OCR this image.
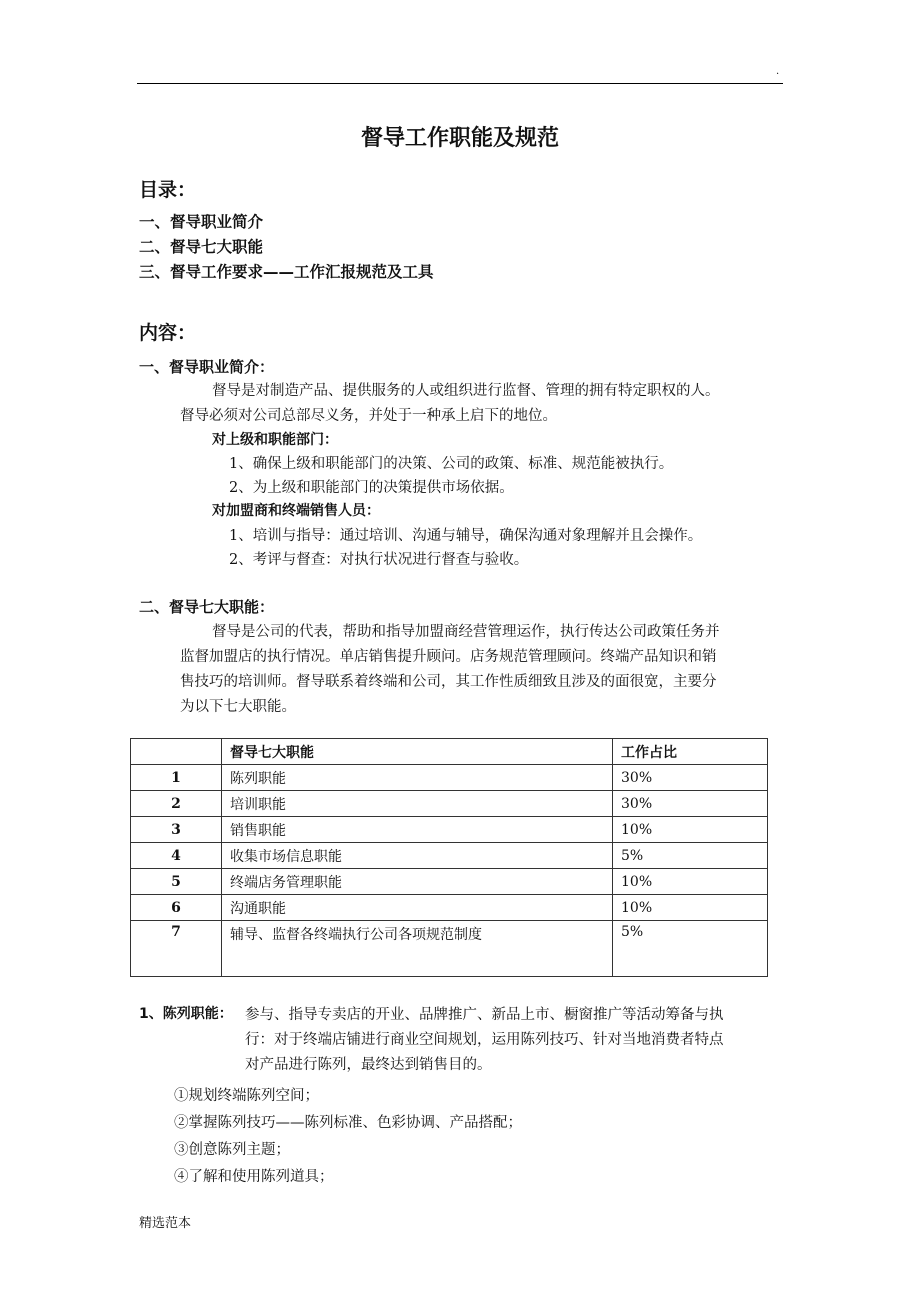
.
督导工作职能及规范
目录：
一、督导职业简介
二、督导七大职能
三、督导工作要求——工作汇报规范及工具
内容：
一、督导职业简介：
督导是对制造产品、提供服务的人或组织进行监督、管理的拥有特定职权的人。
督导必须对公司总部尽义务，并处于一种承上启下的地位。
对上级和职能部门：
1、确保上级和职能部门的决策、公司的政策、标准、规范能被执行。
2、为上级和职能部门的决策提供市场依据。
对加盟商和终端销售人员：
1、培训与指导：通过培训、沟通与辅导，确保沟通对象理解并且会操作。
2、考评与督查：对执行状况进行督查与验收。
二、督导七大职能：
督导是公司的代表，帮助和指导加盟商经营管理运作，执行传达公司政策任务并
监督加盟店的执行情况。单店销售提升顾问。店务规范管理顾问。终端产品知识和销
售技巧的培训师。督导联系着终端和公司，其工作性质细致且涉及的面很宽，主要分
为以下七大职能。
	督导七大职能	工作占比
1	陈列职能	30%
2	培训职能	30%
3	销售职能	10%
4	收集市场信息职能	5%
5	终端店务管理职能	10%
6	沟通职能	10%
7	辅导、监督各终端执行公司各项规范制度	5%
1、陈列职能： 参与、指导专卖店的开业、品牌推广、新品上市、橱窗推广等活动筹备与执
行：对于终端店铺进行商业空间规划，运用陈列技巧、针对当地消费者特点
对产品进行陈列，最终达到销售目的。
①规划终端陈列空间；
②掌握陈列技巧——陈列标准、色彩协调、产品搭配；
③创意陈列主题；
④了解和使用陈列道具；
精选范本
